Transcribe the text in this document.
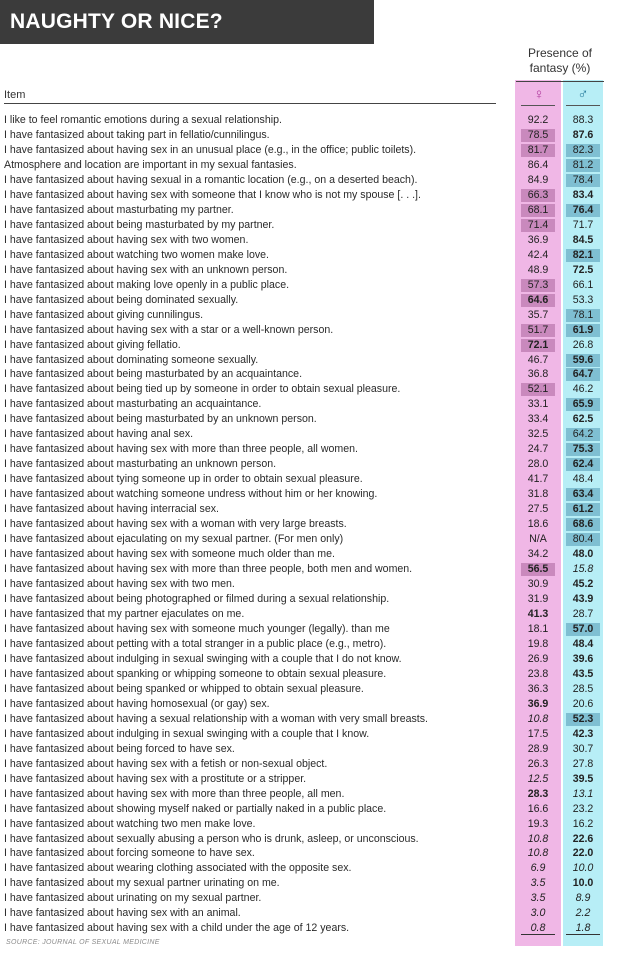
NAUGHTY OR NICE?
Presence of fantasy (%)
Item	♀	♂
I like to feel romantic emotions during a sexual relationship.	92.2	88.3
I have fantasized about taking part in fellatio/cunnilingus.	78.5	87.6
I have fantasized about having sex in an unusual place (e.g., in the office; public toilets).	81.7	82.3
Atmosphere and location are important in my sexual fantasies.	86.4	81.2
I have fantasized about having sexual in a romantic location (e.g., on a deserted beach).	84.9	78.4
I have fantasized about having sex with someone that I know who is not my spouse [. . .].	66.3	83.4
I have fantasized about masturbating my partner.	68.1	76.4
I have fantasized about being masturbated by my partner.	71.4	71.7
I have fantasized about having sex with two women.	36.9	84.5
I have fantasized about watching two women make love.	42.4	82.1
I have fantasized about having sex with an unknown person.	48.9	72.5
I have fantasized about making love openly in a public place.	57.3	66.1
I have fantasized about being dominated sexually.	64.6	53.3
I have fantasized about giving cunnilingus.	35.7	78.1
I have fantasized about having sex with a star or a well-known person.	51.7	61.9
I have fantasized about giving fellatio.	72.1	26.8
I have fantasized about dominating someone sexually.	46.7	59.6
I have fantasized about being masturbated by an acquaintance.	36.8	64.7
I have fantasized about being tied up by someone in order to obtain sexual pleasure.	52.1	46.2
I have fantasized about masturbating an acquaintance.	33.1	65.9
I have fantasized about being masturbated by an unknown person.	33.4	62.5
I have fantasized about having anal sex.	32.5	64.2
I have fantasized about having sex with more than three people, all women.	24.7	75.3
I have fantasized about masturbating an unknown person.	28.0	62.4
I have fantasized about tying someone up in order to obtain sexual pleasure.	41.7	48.4
I have fantasized about watching someone undress without him or her knowing.	31.8	63.4
I have fantasized about having interracial sex.	27.5	61.2
I have fantasized about having sex with a woman with very large breasts.	18.6	68.6
I have fantasized about ejaculating on my sexual partner. (For men only)	N/A	80.4
I have fantasized about having sex with someone much older than me.	34.2	48.0
I have fantasized about having sex with more than three people, both men and women.	56.5	15.8
I have fantasized about having sex with two men.	30.9	45.2
I have fantasized about being photographed or filmed during a sexual relationship.	31.9	43.9
I have fantasized that my partner ejaculates on me.	41.3	28.7
I have fantasized about having sex with someone much younger (legally). than me	18.1	57.0
I have fantasized about petting with a total stranger in a public place (e.g., metro).	19.8	48.4
I have fantasized about indulging in sexual swinging with a couple that I do not know.	26.9	39.6
I have fantasized about spanking or whipping someone to obtain sexual pleasure.	23.8	43.5
I have fantasized about being spanked or whipped to obtain sexual pleasure.	36.3	28.5
I have fantasized about having homosexual (or gay) sex.	36.9	20.6
I have fantasized about having a sexual relationship with a woman with very small breasts.	10.8	52.3
I have fantasized about indulging in sexual swinging with a couple that I know.	17.5	42.3
I have fantasized about being forced to have sex.	28.9	30.7
I have fantasized about having sex with a fetish or non-sexual object.	26.3	27.8
I have fantasized about having sex with a prostitute or a stripper.	12.5	39.5
I have fantasized about having sex with more than three people, all men.	28.3	13.1
I have fantasized about showing myself naked or partially naked in a public place.	16.6	23.2
I have fantasized about watching two men make love.	19.3	16.2
I have fantasized about sexually abusing a person who is drunk, asleep, or unconscious.	10.8	22.6
I have fantasized about forcing someone to have sex.	10.8	22.0
I have fantasized about wearing clothing associated with the opposite sex.	6.9	10.0
I have fantasized about my sexual partner urinating on me.	3.5	10.0
I have fantasized about urinating on my sexual partner.	3.5	8.9
I have fantasized about having sex with an animal.	3.0	2.2
I have fantasized about having sex with a child under the age of 12 years.	0.8	1.8
SOURCE: JOURNAL OF SEXUAL MEDICINE
